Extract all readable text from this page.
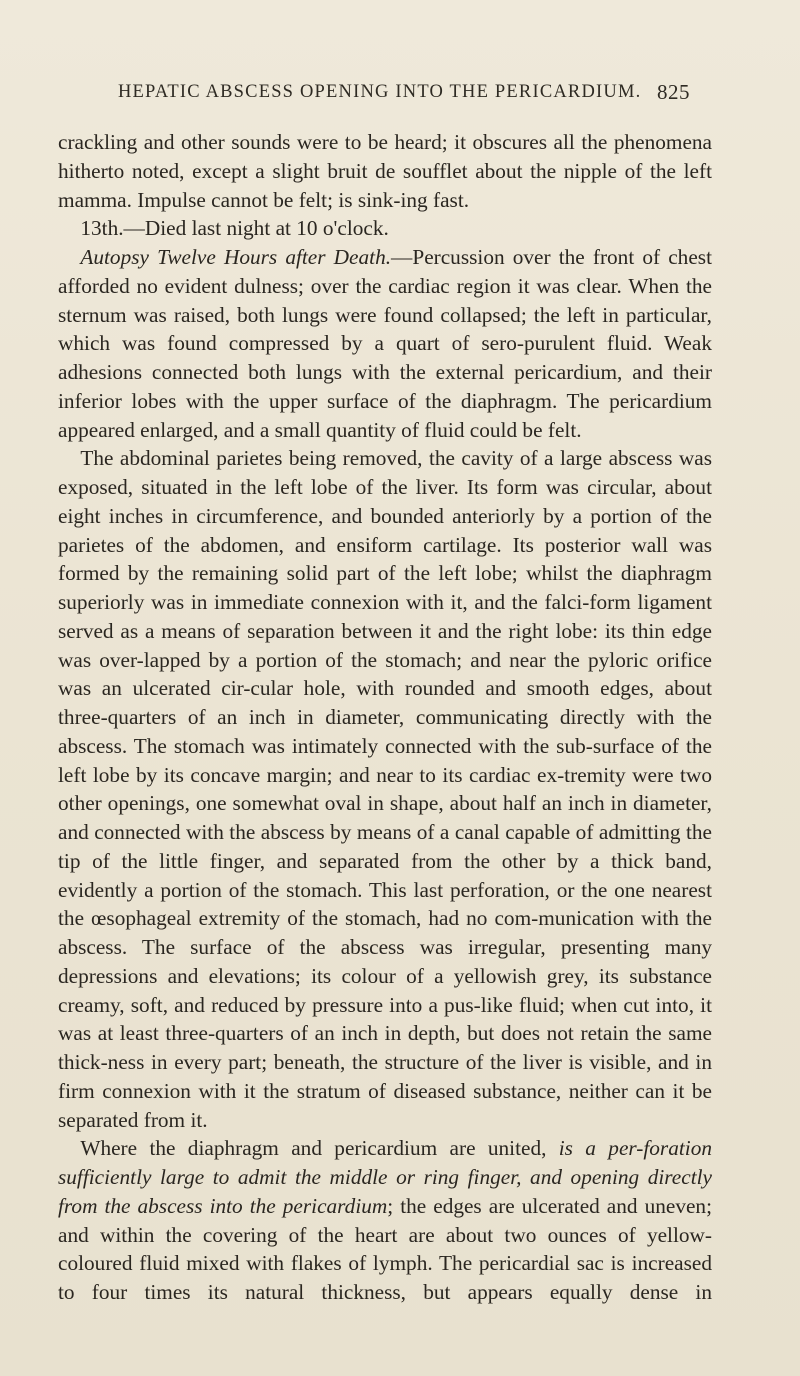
HEPATIC ABSCESS OPENING INTO THE PERICARDIUM. 825

crackling and other sounds were to be heard; it obscures all the phenomena hitherto noted, except a slight bruit de soufflet about the nipple of the left mamma. Impulse cannot be felt; is sink-ing fast.

13th.—Died last night at 10 o'clock.

Autopsy Twelve Hours after Death.—Percussion over the front of chest afforded no evident dulness; over the cardiac region it was clear. When the sternum was raised, both lungs were found collapsed; the left in particular, which was found compressed by a quart of sero-purulent fluid. Weak adhesions connected both lungs with the external pericardium, and their inferior lobes with the upper surface of the diaphragm. The pericardium appeared enlarged, and a small quantity of fluid could be felt.

The abdominal parietes being removed, the cavity of a large abscess was exposed, situated in the left lobe of the liver. Its form was circular, about eight inches in circumference, and bounded anteriorly by a portion of the parietes of the abdomen, and ensiform cartilage. Its posterior wall was formed by the remaining solid part of the left lobe; whilst the diaphragm superiorly was in immediate connexion with it, and the falci-form ligament served as a means of separation between it and the right lobe: its thin edge was over-lapped by a portion of the stomach; and near the pyloric orifice was an ulcerated cir-cular hole, with rounded and smooth edges, about three-quarters of an inch in diameter, communicating directly with the abscess. The stomach was intimately connected with the sub-surface of the left lobe by its concave margin; and near to its cardiac ex-tremity were two other openings, one somewhat oval in shape, about half an inch in diameter, and connected with the abscess by means of a canal capable of admitting the tip of the little finger, and separated from the other by a thick band, evidently a portion of the stomach. This last perforation, or the one nearest the œsophageal extremity of the stomach, had no com-munication with the abscess. The surface of the abscess was irregular, presenting many depressions and elevations; its colour of a yellowish grey, its substance creamy, soft, and reduced by pressure into a pus-like fluid; when cut into, it was at least three-quarters of an inch in depth, but does not retain the same thick-ness in every part; beneath, the structure of the liver is visible, and in firm connexion with it the stratum of diseased substance, neither can it be separated from it.

Where the diaphragm and pericardium are united, is a per-foration sufficiently large to admit the middle or ring finger, and opening directly from the abscess into the pericardium; the edges are ulcerated and uneven; and within the covering of the heart are about two ounces of yellow-coloured fluid mixed with flakes of lymph. The pericardial sac is increased to four times its natural thickness, but appears equally dense in
